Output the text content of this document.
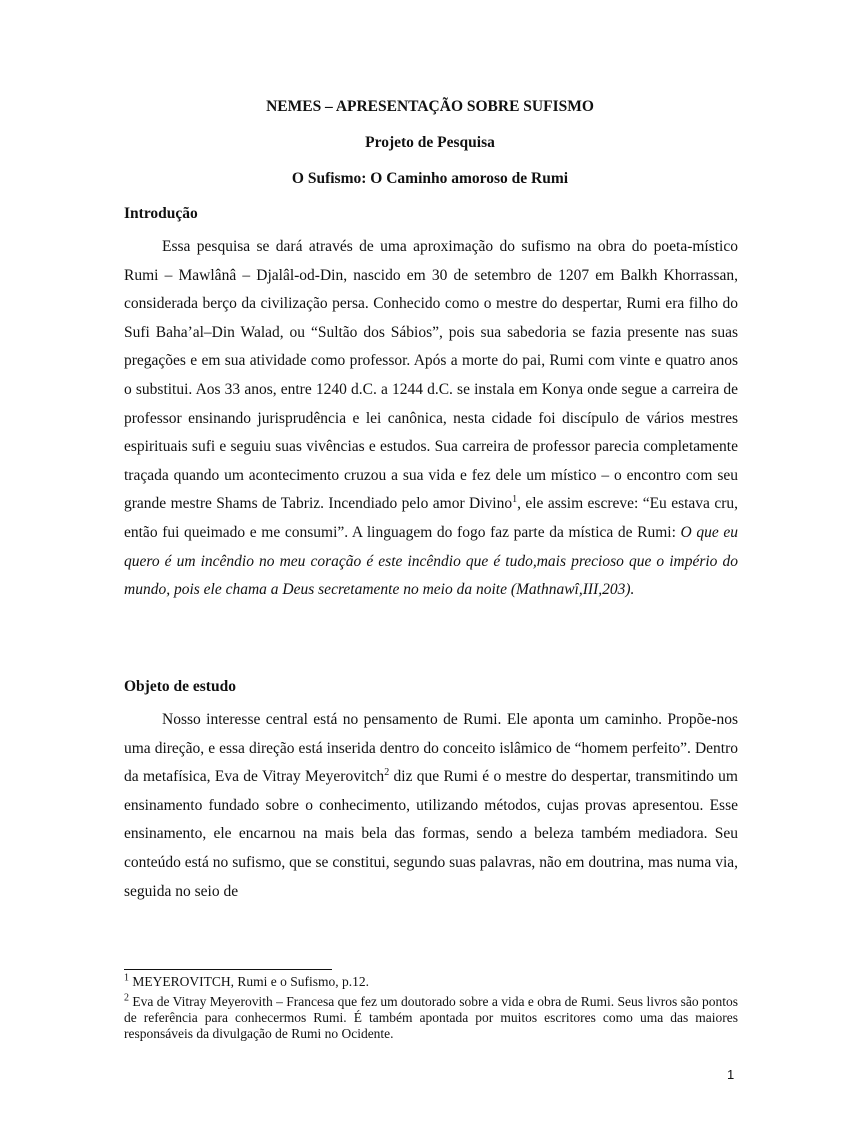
NEMES – APRESENTAÇÃO SOBRE SUFISMO
Projeto de Pesquisa
O Sufismo: O Caminho amoroso de Rumi
Introdução

Essa pesquisa se dará através de uma aproximação do sufismo na obra do poeta-místico Rumi – Mawlânâ – Djalâl-od-Din, nascido em 30 de setembro de 1207 em Balkh Khorrassan, considerada berço da civilização persa. Conhecido como o mestre do despertar, Rumi era filho do Sufi Baha’al–Din Walad, ou “Sultão dos Sábios”, pois sua sabedoria se fazia presente nas suas pregações e em sua atividade como professor. Após a morte do pai, Rumi com vinte e quatro anos o substitui. Aos 33 anos, entre 1240 d.C. a 1244 d.C. se instala em Konya onde segue a carreira de professor ensinando jurisprudência e lei canônica, nesta cidade foi discípulo de vários mestres espirituais sufi e seguiu suas vivências e estudos. Sua carreira de professor parecia completamente traçada quando um acontecimento cruzou a sua vida e fez dele um místico – o encontro com seu grande mestre Shams de Tabriz. Incendiado pelo amor Divino$^1$, ele assim escreve: “Eu estava cru, então fui queimado e me consumi”. A linguagem do fogo faz parte da mística de Rumi: O que eu quero é um incêndio no meu coração é este incêndio que é tudo,mais precioso que o império do mundo, pois ele chama a Deus secretamente no meio da noite (Mathnawî,III,203).

Objeto de estudo

Nosso interesse central está no pensamento de Rumi. Ele aponta um caminho. Propõe-nos uma direção, e essa direção está inserida dentro do conceito islâmico de “homem perfeito”. Dentro da metafísica, Eva de Vitray Meyerovitch$^2$ diz que Rumi é o mestre do despertar, transmitindo um ensinamento fundado sobre o conhecimento, utilizando métodos, cujas provas apresentou. Esse ensinamento, ele encarnou na mais bela das formas, sendo a beleza também mediadora. Seu conteúdo está no sufismo, que se constitui, segundo suas palavras, não em doutrina, mas numa via, seguida no seio de

$^1$ MEYEROVITCH, Rumi e o Sufismo, p.12.
$^2$ Eva de Vitray Meyerovith – Francesa que fez um doutorado sobre a vida e obra de Rumi. Seus livros são pontos de referência para conhecermos Rumi. É também apontada por muitos escritores como uma das maiores responsáveis da divulgação de Rumi no Ocidente.
1
